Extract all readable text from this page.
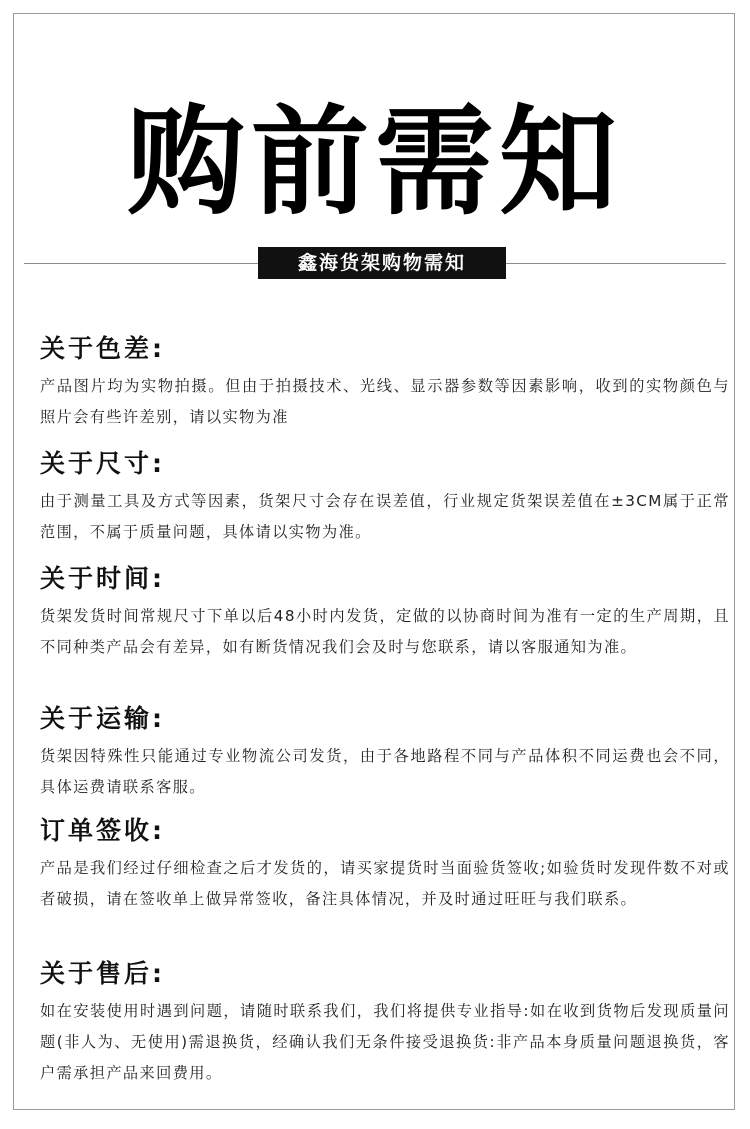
购前需知
鑫海货架购物需知
关于色差:
产品图片均为实物拍摄。但由于拍摄技术、光线、显示器参数等因素影响，收到的实物颜色与照片会有些许差别，请以实物为准
关于尺寸:
由于测量工具及方式等因素，货架尺寸会存在误差值，行业规定货架误差值在±3CM属于正常范围，不属于质量问题，具体请以实物为准。
关于时间:
货架发货时间常规尺寸下单以后48小时内发货，定做的以协商时间为准有一定的生产周期，且不同种类产品会有差异，如有断货情况我们会及时与您联系，请以客服通知为准。
关于运输:
货架因特殊性只能通过专业物流公司发货，由于各地路程不同与产品体积不同运费也会不同，具体运费请联系客服。
订单签收:
产品是我们经过仔细检查之后才发货的，请买家提货时当面验货签收;如验货时发现件数不对或者破损，请在签收单上做异常签收，备注具体情况，并及时通过旺旺与我们联系。
关于售后:
如在安装使用时遇到问题，请随时联系我们，我们将提供专业指导:如在收到货物后发现质量问题(非人为、无使用)需退换货，经确认我们无条件接受退换货:非产品本身质量问题退换货，客户需承担产品来回费用。
